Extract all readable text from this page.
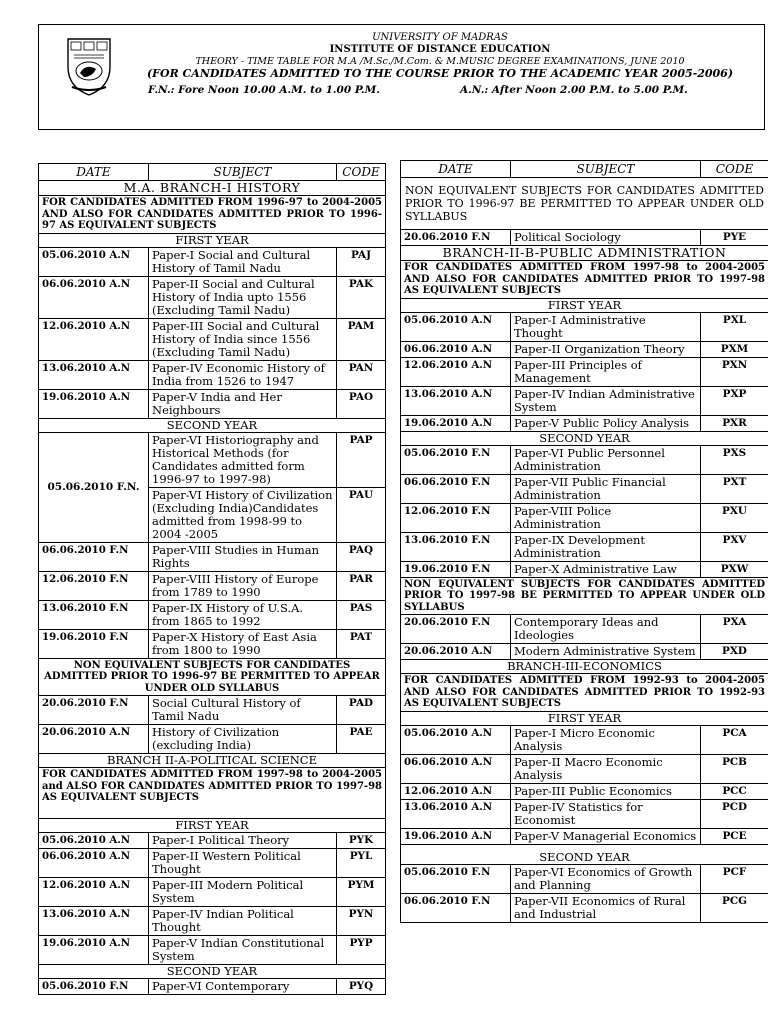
UNIVERSITY OF MADRAS
INSTITUTE OF DISTANCE EDUCATION
THEORY - TIME TABLE FOR M.A /M.Sc./M.Com. & M.MUSIC DEGREE EXAMINATIONS, JUNE 2010
(FOR CANDIDATES ADMITTED TO THE COURSE PRIOR TO THE ACADEMIC YEAR 2005-2006)
F.N.: Fore Noon 10.00 A.M. to 1.00 P.M.	A.N.: After Noon 2.00 P.M. to 5.00 P.M.
DATE	SUBJECT	CODE
M.A. BRANCH-I HISTORY		
FOR CANDIDATES ADMITTED FROM 1996-97 to 2004-2005 AND ALSO FOR CANDIDATES ADMITTED PRIOR TO 1996-97 AS EQUIVALENT SUBJECTS		
FIRST YEAR		
05.06.2010 A.N	Paper-I Social and Cultural History of Tamil Nadu	PAJ
06.06.2010 A.N	Paper-II Social and Cultural History of India upto 1556 (Excluding Tamil Nadu)	PAK
12.06.2010 A.N	Paper-III Social and Cultural History of India since 1556 (Excluding Tamil Nadu)	PAM
13.06.2010 A.N	Paper-IV Economic History of India from 1526 to 1947	PAN
19.06.2010 A.N	Paper-V India and Her Neighbours	PAO
SECOND YEAR		
05.06.2010 F.N.	Paper-VI Historiography and Historical Methods (for Candidates admitted form 1996-97 to 1997-98)	PAP
	Paper-VI History of Civilization (Excluding India)Candidates admitted from 1998-99 to 2004 -2005	PAU
06.06.2010 F.N	Paper-VIII Studies in Human Rights	PAQ
12.06.2010 F.N	Paper-VIII History of Europe from 1789 to 1990	PAR
13.06.2010 F.N	Paper-IX History of U.S.A. from 1865 to 1992	PAS
19.06.2010 F.N	Paper-X History of East Asia from 1800 to 1990	PAT
NON EQUIVALENT SUBJECTS FOR CANDIDATES ADMITTED PRIOR TO 1996-97 BE PERMITTED TO APPEAR UNDER OLD SYLLABUS		
20.06.2010 F.N	Social Cultural History of Tamil Nadu	PAD
20.06.2010 A.N	History of Civilization (excluding India)	PAE
BRANCH II-A-POLITICAL SCIENCE		
FOR CANDIDATES ADMITTED FROM 1997-98 to 2004-2005 and ALSO FOR CANDIDATES ADMITTED PRIOR TO 1997-98 AS EQUIVALENT SUBJECTS		
FIRST YEAR		
05.06.2010 A.N	Paper-I Political Theory	PYK
06.06.2010 A.N	Paper-II Western Political Thought	PYL
12.06.2010 A.N	Paper-III Modern Political System	PYM
13.06.2010 A.N	Paper-IV Indian Political Thought	PYN
19.06.2010 A.N	Paper-V Indian Constitutional System	PYP
SECOND YEAR		
05.06.2010 F.N	Paper-VI Contemporary	PYQ
DATE	SUBJECT	CODE
NON EQUIVALENT SUBJECTS FOR CANDIDATES ADMITTED PRIOR TO 1996-97 BE PERMITTED TO APPEAR UNDER OLD SYLLABUS		
20.06.2010 F.N	Political Sociology	PYE
BRANCH-II-B-PUBLIC ADMINISTRATION		
FOR CANDIDATES ADMITTED FROM 1997-98 to 2004-2005 AND ALSO FOR CANDIDATES ADMITTED PRIOR TO 1997-98 AS EQUIVALENT SUBJECTS		
FIRST YEAR		
05.06.2010 A.N	Paper-I Administrative Thought	PXL
06.06.2010 A.N	Paper-II Organization Theory	PXM
12.06.2010 A.N	Paper-III Principles of Management	PXN
13.06.2010 A.N	Paper-IV Indian Administrative System	PXP
19.06.2010 A.N	Paper-V Public Policy Analysis	PXR
SECOND YEAR		
05.06.2010 F.N	Paper-VI Public Personnel Administration	PXS
06.06.2010 F.N	Paper-VII Public Financial Administration	PXT
12.06.2010 F.N	Paper-VIII Police Administration	PXU
13.06.2010 F.N	Paper-IX Development Administration	PXV
19.06.2010 F.N	Paper-X Administrative Law	PXW
NON EQUIVALENT SUBJECTS FOR CANDIDATES ADMITTED PRIOR TO 1997-98 BE PERMITTED TO APPEAR UNDER OLD SYLLABUS		
20.06.2010 F.N	Contemporary Ideas and Ideologies	PXA
20.06.2010 A.N	Modern Administrative System	PXD
BRANCH-III-ECONOMICS		
FOR CANDIDATES ADMITTED FROM 1992-93 to 2004-2005 AND ALSO FOR CANDIDATES ADMITTED PRIOR TO 1992-93 AS EQUIVALENT SUBJECTS		
FIRST YEAR		
05.06.2010 A.N	Paper-I Micro Economic Analysis	PCA
06.06.2010 A.N	Paper-II Macro Economic Analysis	PCB
12.06.2010 A.N	Paper-III Public Economics	PCC
13.06.2010 A.N	Paper-IV Statistics for Economist	PCD
19.06.2010 A.N	Paper-V Managerial Economics	PCE
SECOND YEAR		
05.06.2010 F.N	Paper-VI Economics of Growth and Planning	PCF
06.06.2010 F.N	Paper-VII Economics of Rural and Industrial	PCG
